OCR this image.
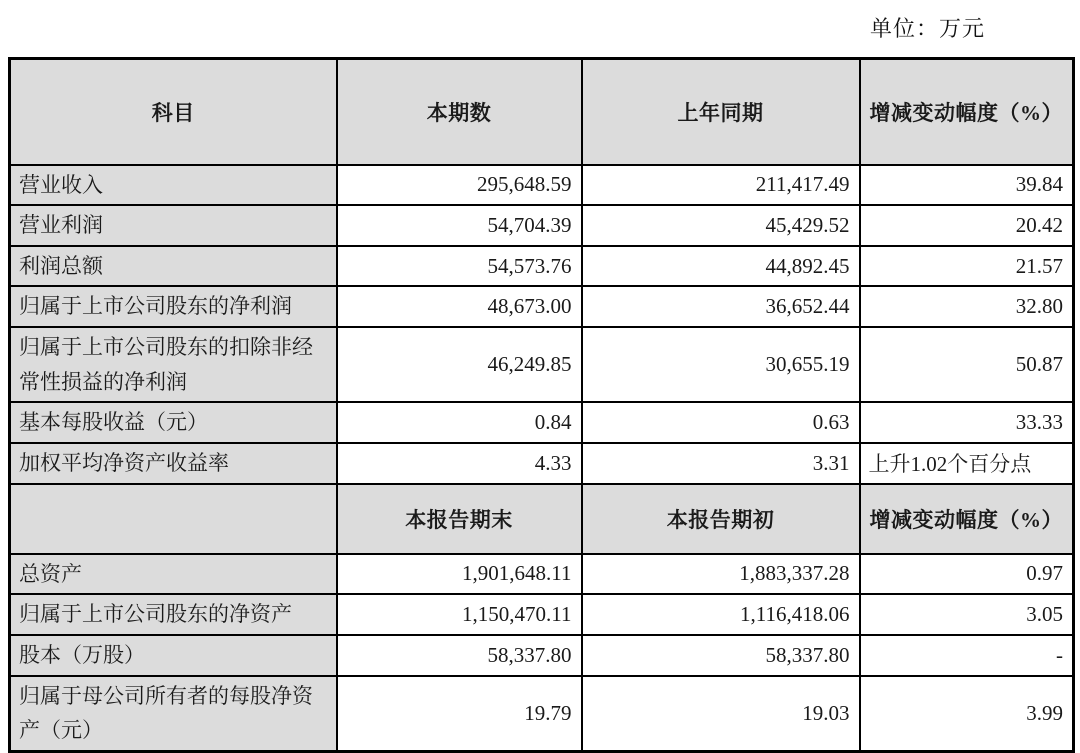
单位：万元
科目	本期数	上年同期	增减变动幅度（%）
营业收入	295,648.59	211,417.49	39.84
营业利润	54,704.39	45,429.52	20.42
利润总额	54,573.76	44,892.45	21.57
归属于上市公司股东的净利润	48,673.00	36,652.44	32.80
归属于上市公司股东的扣除非经常性损益的净利润	46,249.85	30,655.19	50.87
基本每股收益（元）	0.84	0.63	33.33
加权平均净资产收益率	4.33	3.31	上升1.02个百分点
	本报告期末	本报告期初	增减变动幅度（%）
总资产	1,901,648.11	1,883,337.28	0.97
归属于上市公司股东的净资产	1,150,470.11	1,116,418.06	3.05
股本（万股）	58,337.80	58,337.80	-
归属于母公司所有者的每股净资产（元）	19.79	19.03	3.99
